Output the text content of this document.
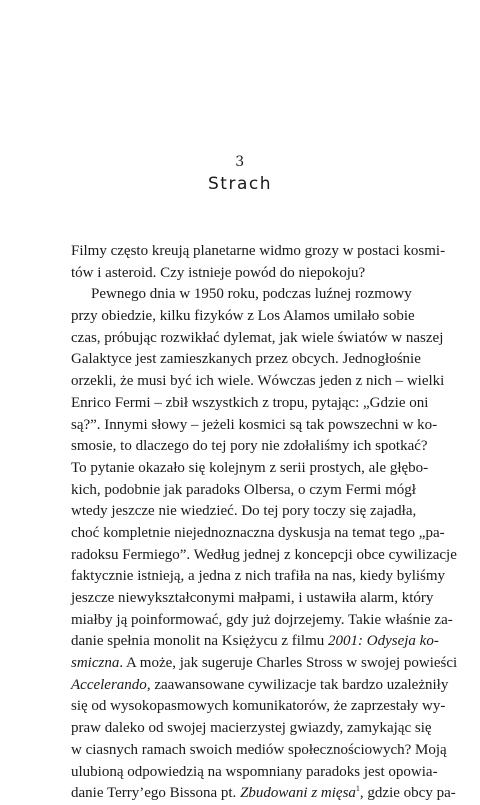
3
Strach
Filmy często kreują planetarne widmo grozy w postaci kosmi-
tów i asteroid. Czy istnieje powód do niepokoju?
Pewnego dnia w 1950 roku, podczas luźnej rozmowy
przy obiedzie, kilku fizyków z Los Alamos umilało sobie
czas, próbując rozwikłać dylemat, jak wiele światów w naszej
Galaktyce jest zamieszkanych przez obcych. Jednogłośnie
orzekli, że musi być ich wiele. Wówczas jeden z nich – wielki
Enrico Fermi – zbił wszystkich z tropu, pytając: „Gdzie oni
są?”. Innymi słowy – jeżeli kosmici są tak powszechni w ko-
smosie, to dlaczego do tej pory nie zdołaliśmy ich spotkać?
To pytanie okazało się kolejnym z serii prostych, ale głębo-
kich, podobnie jak paradoks Olbersa, o czym Fermi mógł
wtedy jeszcze nie wiedzieć. Do tej pory toczy się zajadła,
choć kompletnie niejednoznaczna dyskusja na temat tego „pa-
radoksu Fermiego”. Według jednej z koncepcji obce cywilizacje
faktycznie istnieją, a jedna z nich trafiła na nas, kiedy byliśmy
jeszcze niewykształconymi małpami, i ustawiła alarm, który
miałby ją poinformować, gdy już dojrzejemy. Takie właśnie za-
danie spełnia monolit na Księżycu z filmu 2001: Odyseja ko-
smiczna. A może, jak sugeruje Charles Stross w swojej powieści
Accelerando, zaawansowane cywilizacje tak bardzo uzależniły
się od wysokopasmowych komunikatorów, że zaprzestały wy-
praw daleko od swojej macierzystej gwiazdy, zamykając się
w ciasnych ramach swoich mediów społecznościowych? Moją
ulubioną odpowiedzią na wspomniany paradoks jest opowia-
danie Terry’ego Bissona pt. Zbudowani z mięsa$^1$, gdzie obcy pa-
